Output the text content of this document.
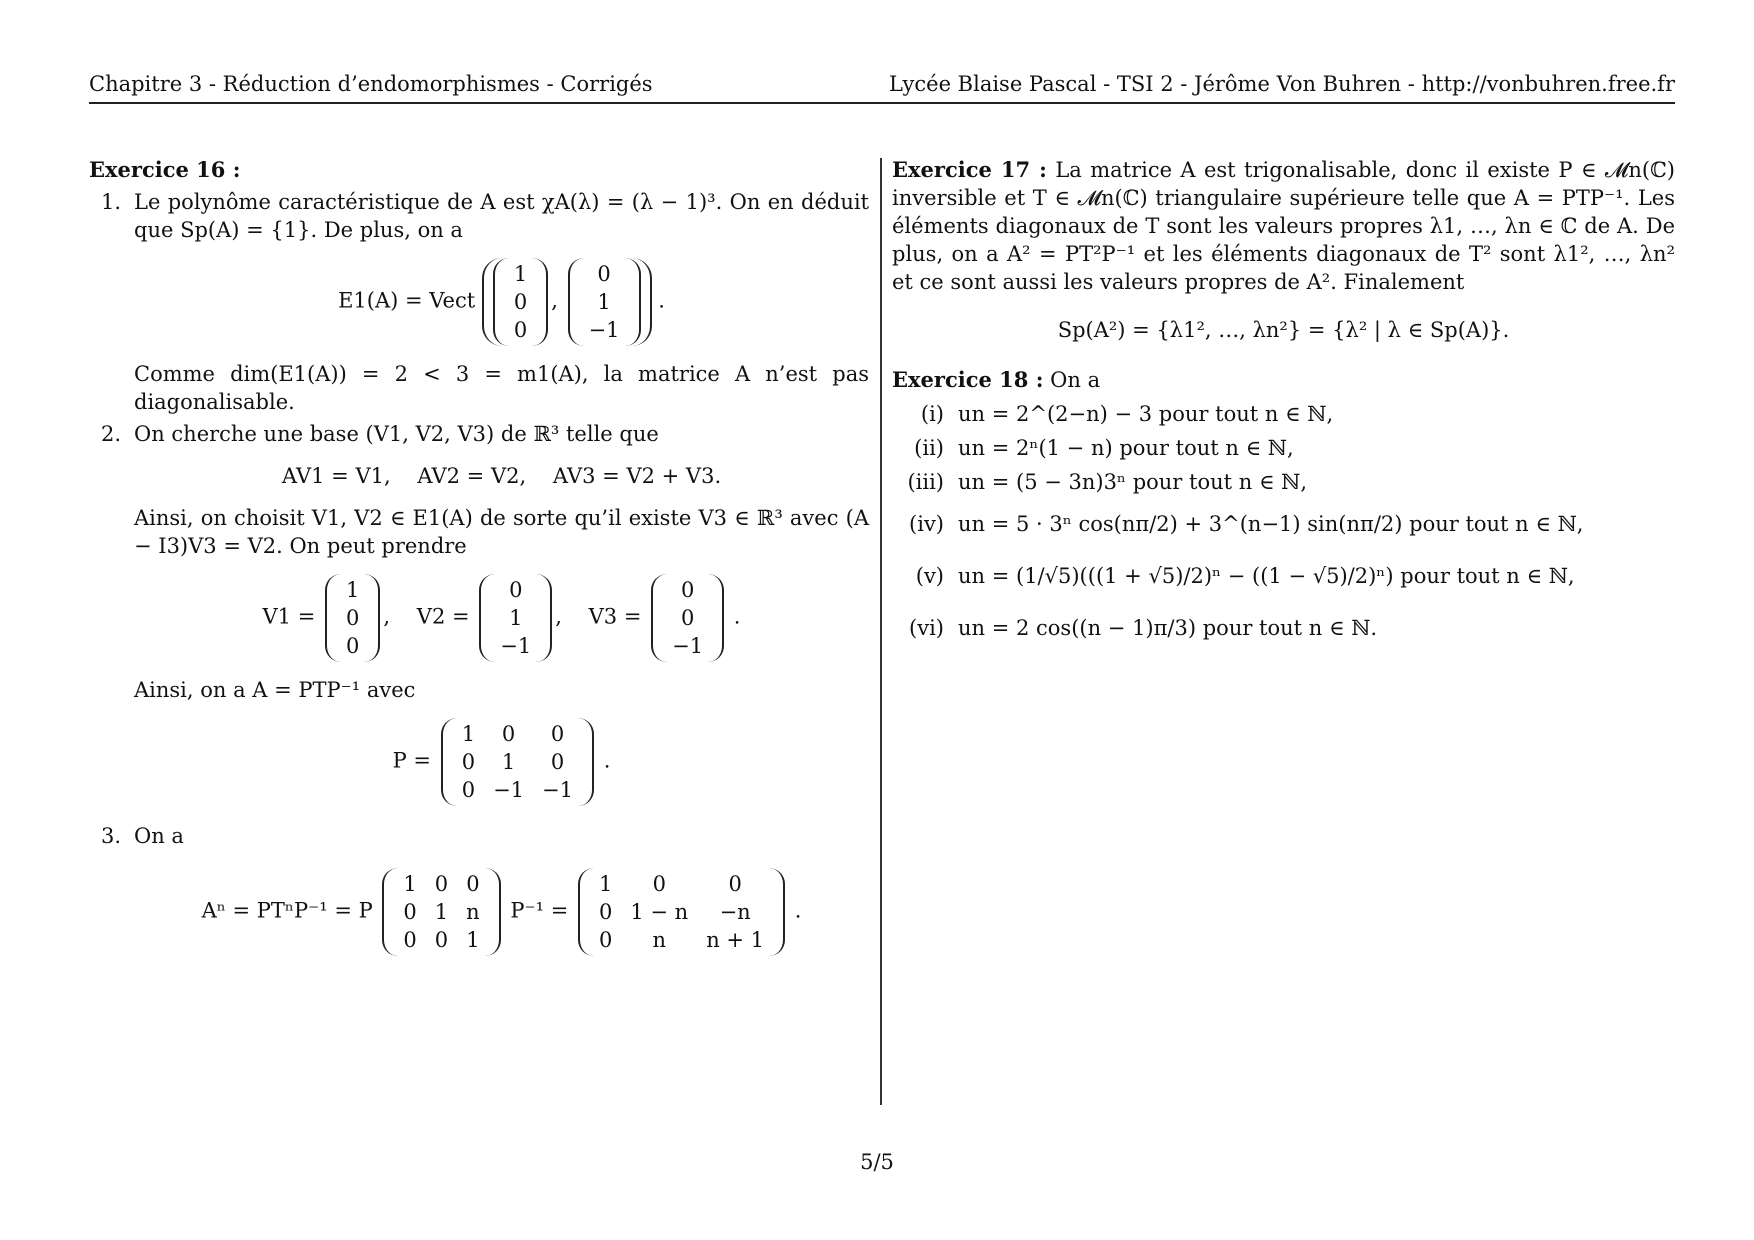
Chapitre 3 - Réduction d’endomorphismes - Corrigés	Lycée Blaise Pascal - TSI 2 - Jérôme Von Buhren - http://vonbuhren.free.fr
Exercice 16 :
1. Le polynôme caractéristique de A est χA(λ) = (λ − 1)³. On en déduit que Sp(A) = {1}. De plus, on a
E1(A) = Vect
1
0
0
,
0
1
−1
.
Comme dim(E1(A)) = 2 < 3 = m1(A), la matrice A n’est pas diagonalisable.
2. On cherche une base (V1, V2, V3) de ℝ³ telle que
AV1 = V1,    AV2 = V2,    AV3 = V2 + V3.
Ainsi, on choisit V1, V2 ∈ E1(A) de sorte qu’il existe V3 ∈ ℝ³ avec (A − I3)V3 = V2. On peut prendre
V1 =
1
0
0
,    V2 =
0
1
−1
,    V3 =
0
0
−1
.
Ainsi, on a A = PTP⁻¹ avec
P =
1	0	0
0	1	0
0	−1	−1
.
3. On a
Aⁿ = PTⁿP⁻¹ = P
1	0	0
0	1	n
0	0	1
P⁻¹ =
1	0	0
0	1 − n	−n
0	n	n + 1
.
Exercice 17 : La matrice A est trigonalisable, donc il existe P ∈ 𝓜n(ℂ) inversible et T ∈ 𝓜n(ℂ) triangulaire supérieure telle que A = PTP⁻¹. Les éléments diagonaux de T sont les valeurs propres λ1, …, λn ∈ ℂ de A. De plus, on a A² = PT²P⁻¹ et les éléments diagonaux de T² sont λ1², …, λn² et ce sont aussi les valeurs propres de A². Finalement
Sp(A²) = {λ1², …, λn²} = {λ² | λ ∈ Sp(A)}.
Exercice 18 : On a
(i) un = 2^(2−n) − 3 pour tout n ∈ ℕ,
(ii) un = 2ⁿ(1 − n) pour tout n ∈ ℕ,
(iii) un = (5 − 3n)3ⁿ pour tout n ∈ ℕ,
(iv) un = 5 · 3ⁿ cos(nπ/2) + 3^(n−1) sin(nπ/2) pour tout n ∈ ℕ,
(v) un = (1/√5)(((1 + √5)/2)ⁿ − ((1 − √5)/2)ⁿ) pour tout n ∈ ℕ,
(vi) un = 2 cos((n − 1)π/3) pour tout n ∈ ℕ.
5/5
